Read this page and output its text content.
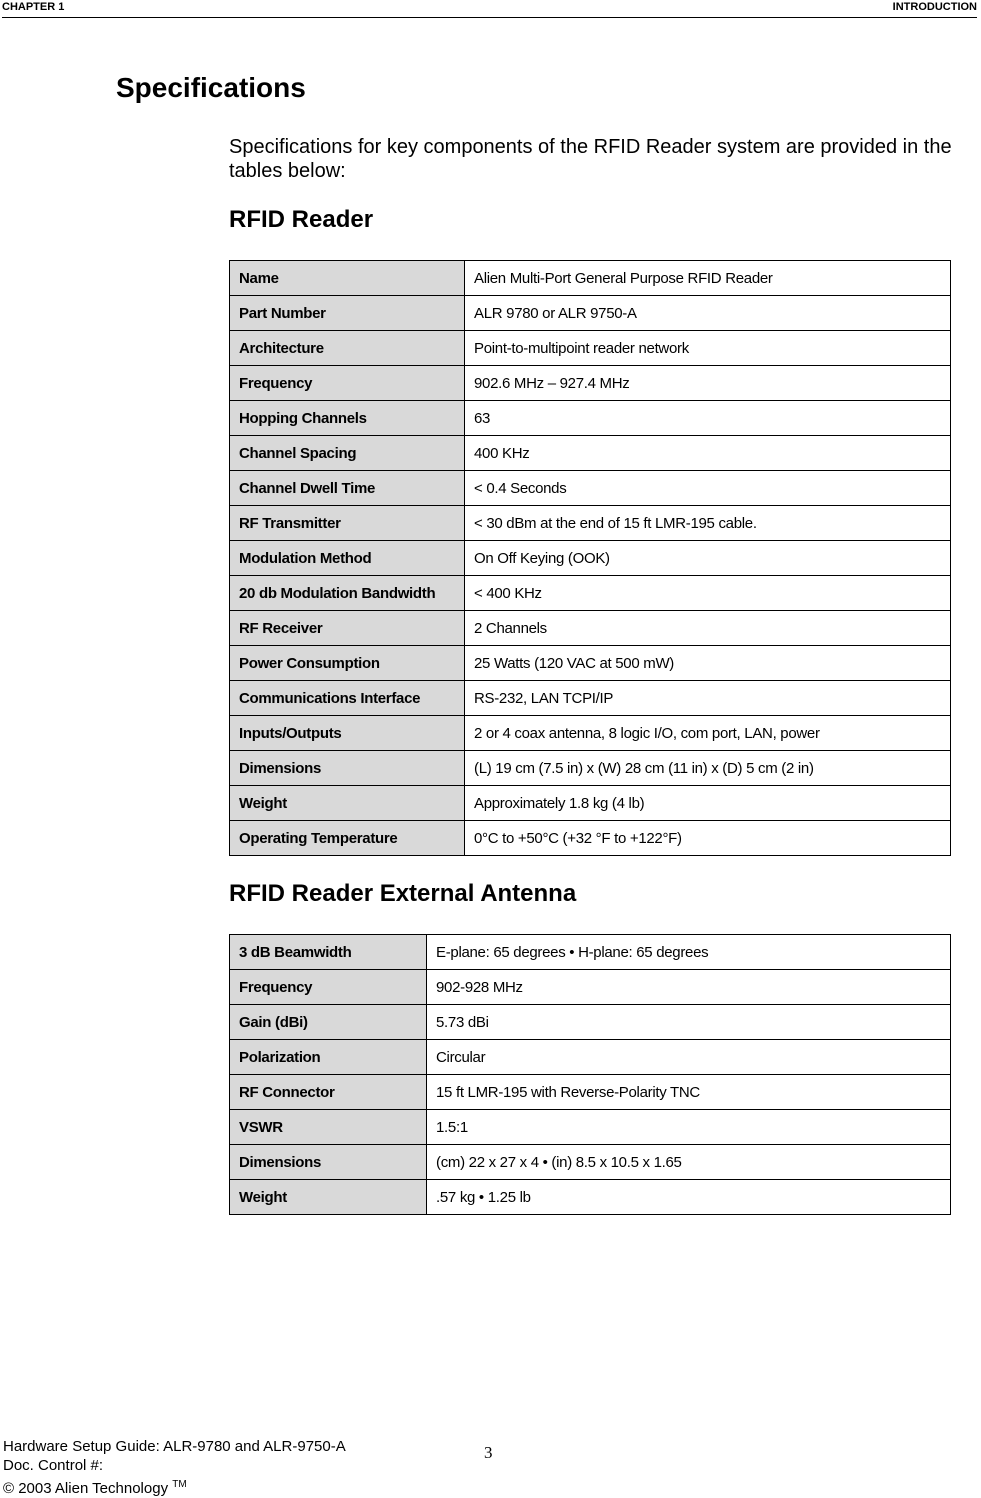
CHAPTER 1	INTRODUCTION
Specifications

Specifications for key components of the RFID Reader system are provided in the tables below:

RFID Reader
Name	Alien Multi-Port General Purpose RFID Reader
Part Number	ALR 9780 or ALR 9750-A
Architecture	Point-to-multipoint reader network
Frequency	902.6 MHz – 927.4 MHz
Hopping Channels	63
Channel Spacing	400 KHz
Channel Dwell Time	< 0.4 Seconds
RF Transmitter	< 30 dBm at the end of 15 ft LMR-195 cable.
Modulation Method	On Off Keying (OOK)
20 db Modulation Bandwidth	< 400 KHz
RF Receiver	2 Channels
Power Consumption	25 Watts (120 VAC at 500 mW)
Communications Interface	RS-232, LAN TCPI/IP
Inputs/Outputs	2 or 4 coax antenna, 8 logic I/O, com port, LAN, power
Dimensions	(L) 19 cm (7.5 in) x (W) 28 cm (11 in) x (D) 5 cm (2 in)
Weight	Approximately 1.8 kg (4 lb)
Operating Temperature	0°C to +50°C (+32 °F to +122°F)
RFID Reader External Antenna
3 dB Beamwidth	E-plane: 65 degrees • H-plane: 65 degrees
Frequency	902-928 MHz
Gain (dBi)	5.73 dBi
Polarization	Circular
RF Connector	15 ft LMR-195 with Reverse-Polarity TNC
VSWR	1.5:1
Dimensions	(cm) 22 x 27 x 4 • (in) 8.5 x 10.5 x 1.65
Weight	.57 kg • 1.25 lb
Hardware Setup Guide: ALR-9780 and ALR-9750-A
Doc. Control #:
© 2003 Alien Technology ™
3
